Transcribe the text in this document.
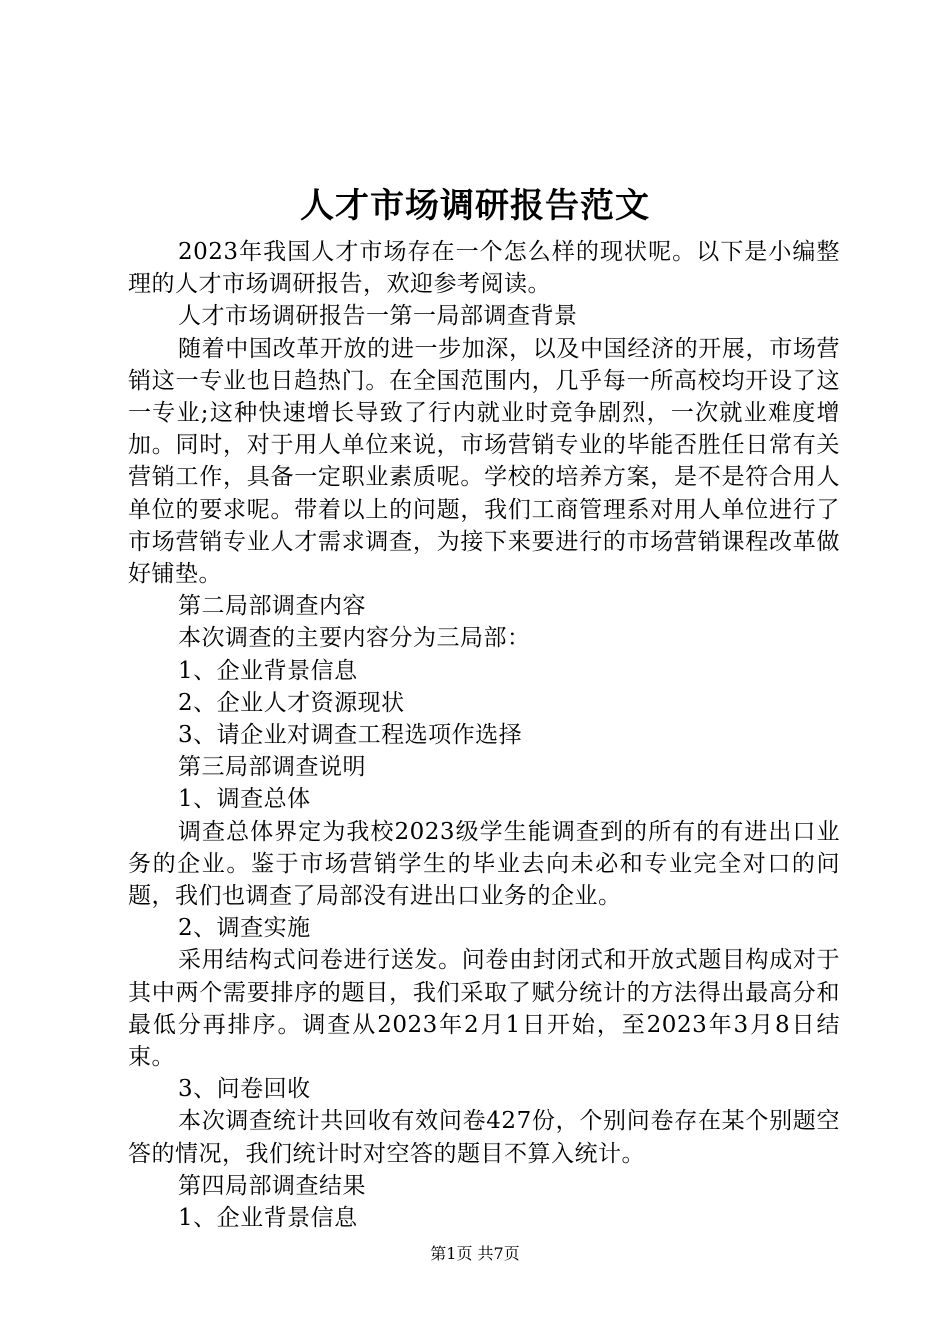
人才市场调研报告范文

2023年我国人才市场存在一个怎么样的现状呢。以下是小编整理的人才市场调研报告，欢迎参考阅读。

人才市场调研报告一第一局部调查背景

随着中国改革开放的进一步加深，以及中国经济的开展，市场营销这一专业也日趋热门。在全国范围内，几乎每一所高校均开设了这一专业;这种快速增长导致了行内就业时竞争剧烈，一次就业难度增加。同时，对于用人单位来说，市场营销专业的毕能否胜任日常有关营销工作，具备一定职业素质呢。学校的培养方案，是不是符合用人单位的要求呢。带着以上的问题，我们工商管理系对用人单位进行了市场营销专业人才需求调查，为接下来要进行的市场营销课程改革做好铺垫。

第二局部调查内容

本次调查的主要内容分为三局部：

1、企业背景信息

2、企业人才资源现状

3、请企业对调查工程选项作选择

第三局部调查说明

1、调查总体

调查总体界定为我校2023级学生能调查到的所有的有进出口业务的企业。鉴于市场营销学生的毕业去向未必和专业完全对口的问题，我们也调查了局部没有进出口业务的企业。

2、调查实施

采用结构式问卷进行送发。问卷由封闭式和开放式题目构成对于其中两个需要排序的题目，我们采取了赋分统计的方法得出最高分和最低分再排序。调查从2023年2月1日开始，至2023年3月8日结束。

3、问卷回收

本次调查统计共回收有效问卷427份，个别问卷存在某个别题空答的情况，我们统计时对空答的题目不算入统计。

第四局部调查结果

1、企业背景信息

第1页 共7页
